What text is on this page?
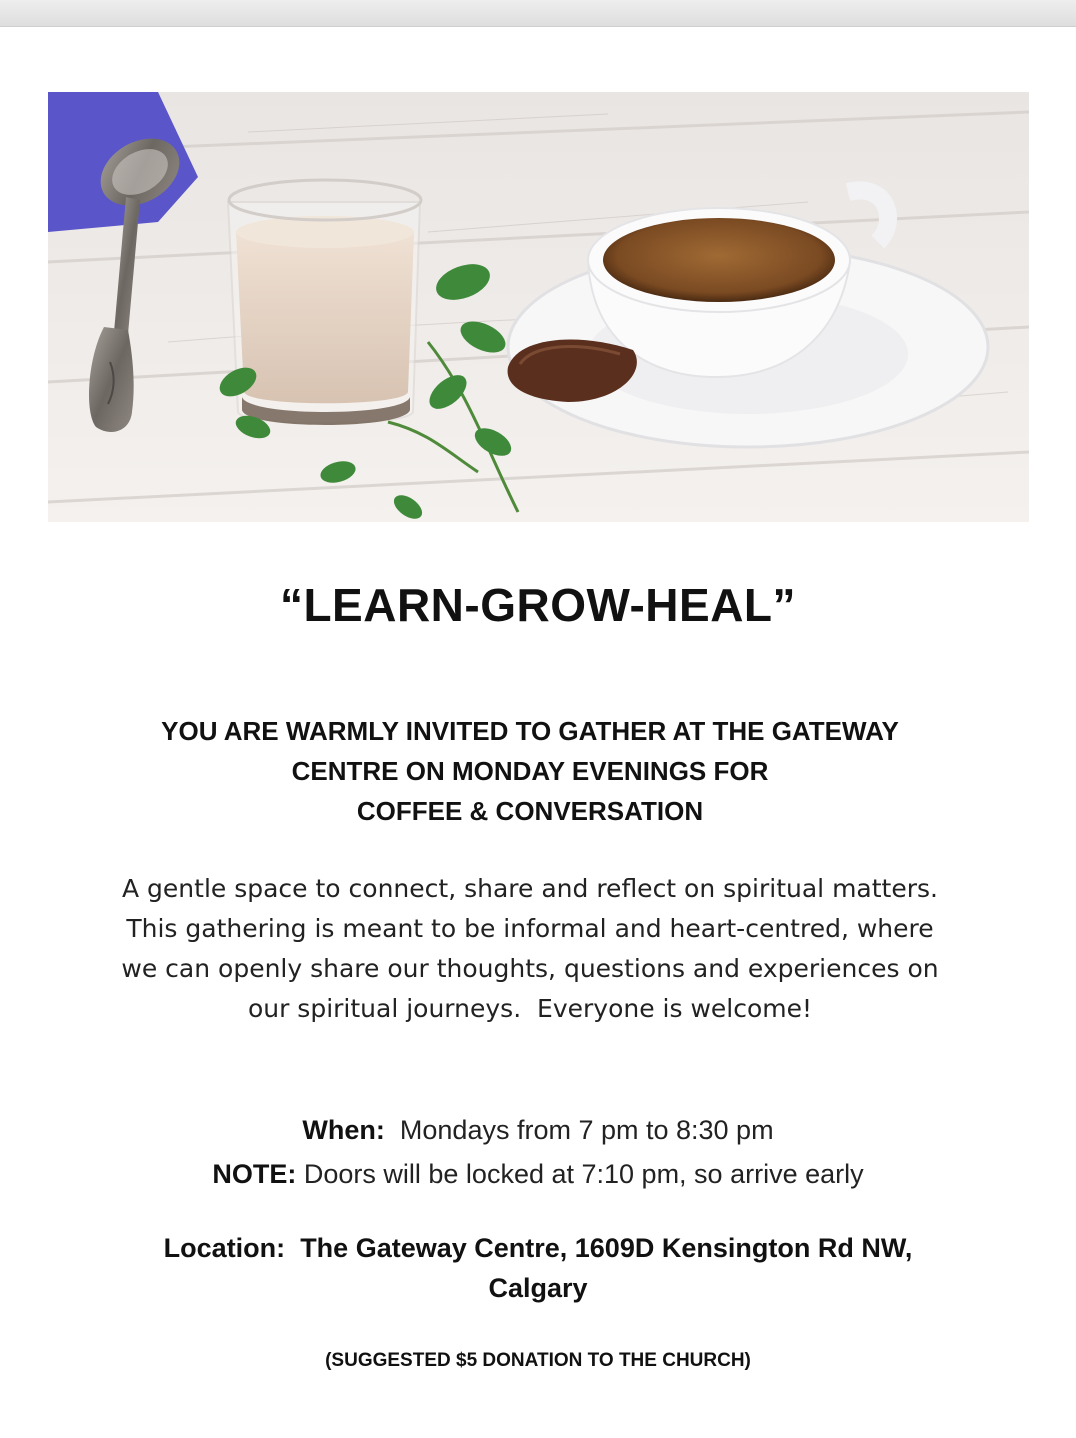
“LEARN-GROW-HEAL”
YOU ARE WARMLY INVITED TO GATHER AT THE GATEWAY
CENTRE ON MONDAY EVENINGS FOR
COFFEE & CONVERSATION
A gentle space to connect, share and reflect on spiritual matters.
This gathering is meant to be informal and heart-centred, where
we can openly share our thoughts, questions and experiences on
our spiritual journeys.  Everyone is welcome!
When: Mondays from 7 pm to 8:30 pm
NOTE: Doors will be locked at 7:10 pm, so arrive early
Location: The Gateway Centre, 1609D Kensington Rd NW,
Calgary
(SUGGESTED $5 DONATION TO THE CHURCH)
